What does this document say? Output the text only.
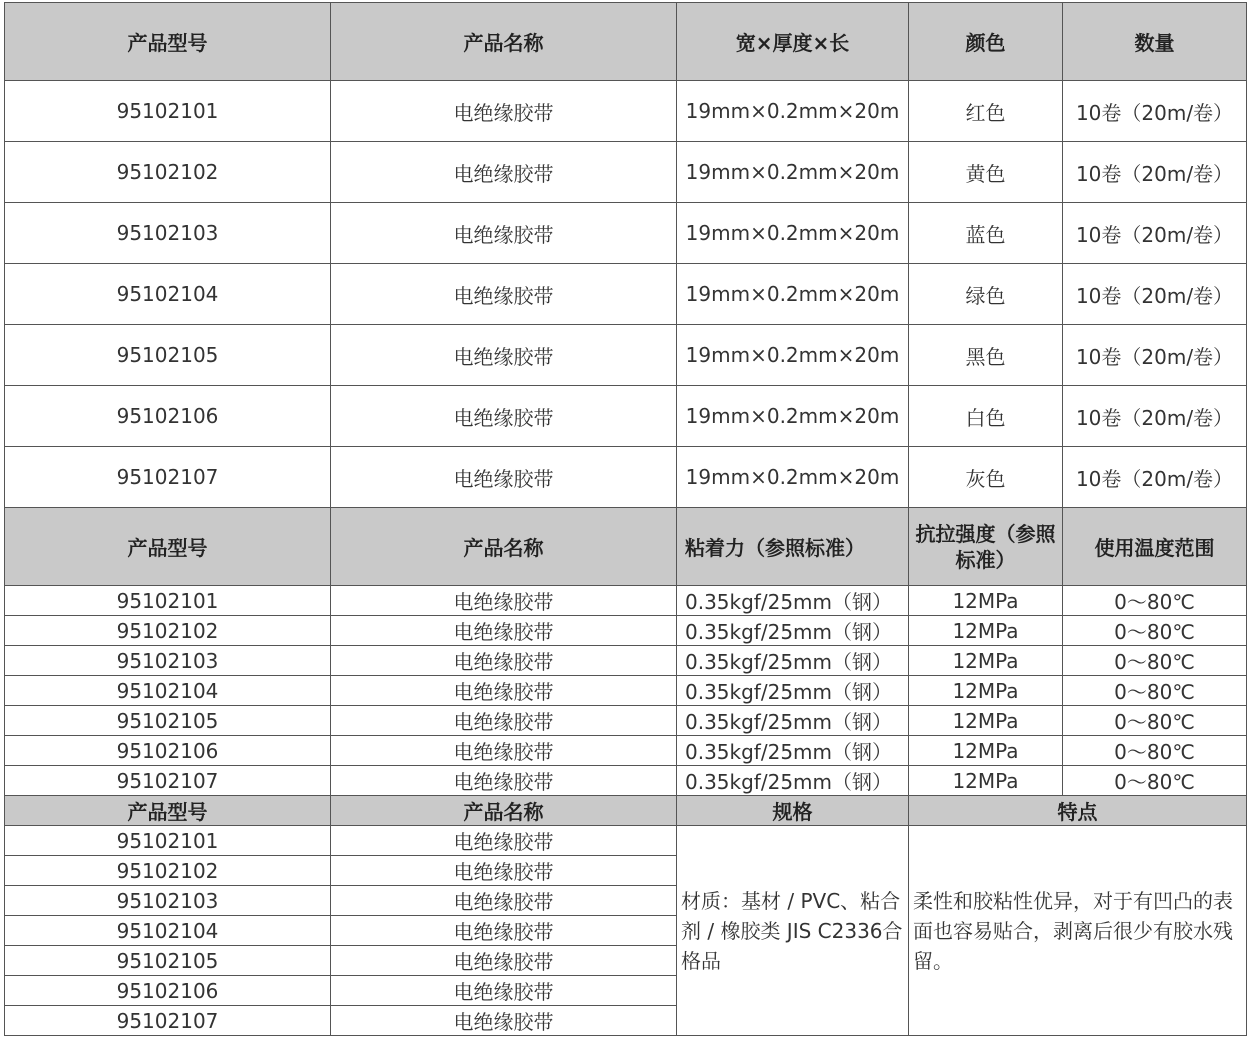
产品型号	产品名称	宽×厚度×长	颜色	数量
95102101	电绝缘胶带	19mm×0.2mm×20m	红色	10卷（20m/卷）
95102102	电绝缘胶带	19mm×0.2mm×20m	黄色	10卷（20m/卷）
95102103	电绝缘胶带	19mm×0.2mm×20m	蓝色	10卷（20m/卷）
95102104	电绝缘胶带	19mm×0.2mm×20m	绿色	10卷（20m/卷）
95102105	电绝缘胶带	19mm×0.2mm×20m	黑色	10卷（20m/卷）
95102106	电绝缘胶带	19mm×0.2mm×20m	白色	10卷（20m/卷）
95102107	电绝缘胶带	19mm×0.2mm×20m	灰色	10卷（20m/卷）
产品型号	产品名称	粘着力（参照标准）	抗拉强度（参照标准）	使用温度范围
95102101	电绝缘胶带	0.35kgf/25mm（钢）	12MPa	0～80℃
95102102	电绝缘胶带	0.35kgf/25mm（钢）	12MPa	0～80℃
95102103	电绝缘胶带	0.35kgf/25mm（钢）	12MPa	0～80℃
95102104	电绝缘胶带	0.35kgf/25mm（钢）	12MPa	0～80℃
95102105	电绝缘胶带	0.35kgf/25mm（钢）	12MPa	0～80℃
95102106	电绝缘胶带	0.35kgf/25mm（钢）	12MPa	0～80℃
95102107	电绝缘胶带	0.35kgf/25mm（钢）	12MPa	0～80℃
产品型号	产品名称	规格	特点	
95102101	电绝缘胶带	材质：基材 / PVC、粘合剂 / 橡胶类 JIS C2336合格品	柔性和胶粘性优异，对于有凹凸的表面也容易贴合，剥离后很少有胶水残留。	
95102102	电绝缘胶带			
95102103	电绝缘胶带			
95102104	电绝缘胶带			
95102105	电绝缘胶带			
95102106	电绝缘胶带			
95102107	电绝缘胶带			
